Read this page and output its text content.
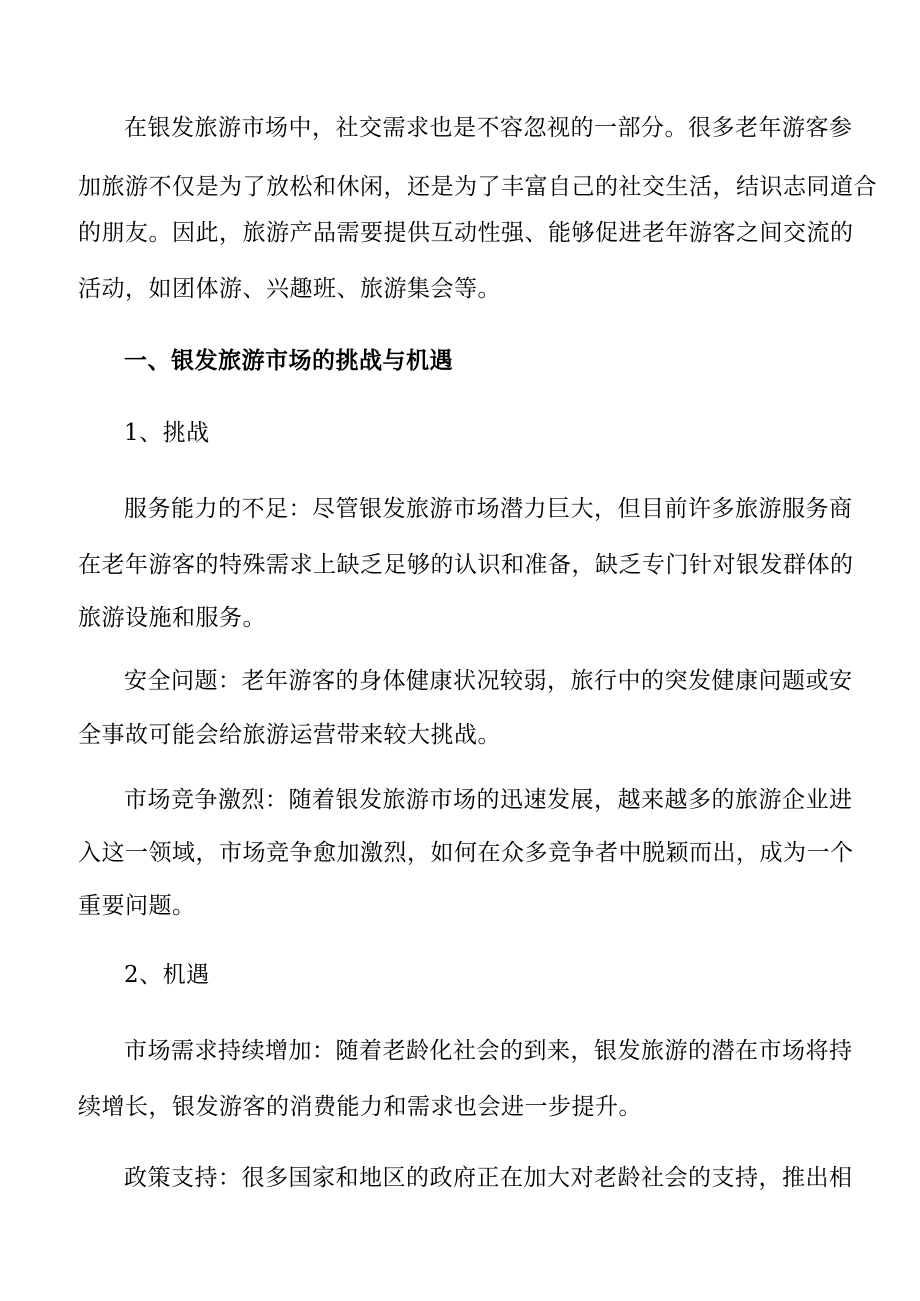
在银发旅游市场中，社交需求也是不容忽视的一部分。很多老年游客参

加旅游不仅是为了放松和休闲，还是为了丰富自己的社交生活，结识志同道合

的朋友。因此，旅游产品需要提供互动性强、能够促进老年游客之间交流的

活动，如团体游、兴趣班、旅游集会等。

一、银发旅游市场的挑战与机遇

1、挑战

服务能力的不足：尽管银发旅游市场潜力巨大，但目前许多旅游服务商

在老年游客的特殊需求上缺乏足够的认识和准备，缺乏专门针对银发群体的

旅游设施和服务。

安全问题：老年游客的身体健康状况较弱，旅行中的突发健康问题或安

全事故可能会给旅游运营带来较大挑战。

市场竞争激烈：随着银发旅游市场的迅速发展，越来越多的旅游企业进

入这一领域，市场竞争愈加激烈，如何在众多竞争者中脱颖而出，成为一个

重要问题。

2、机遇

市场需求持续增加：随着老龄化社会的到来，银发旅游的潜在市场将持

续增长，银发游客的消费能力和需求也会进一步提升。

政策支持：很多国家和地区的政府正在加大对老龄社会的支持，推出相
